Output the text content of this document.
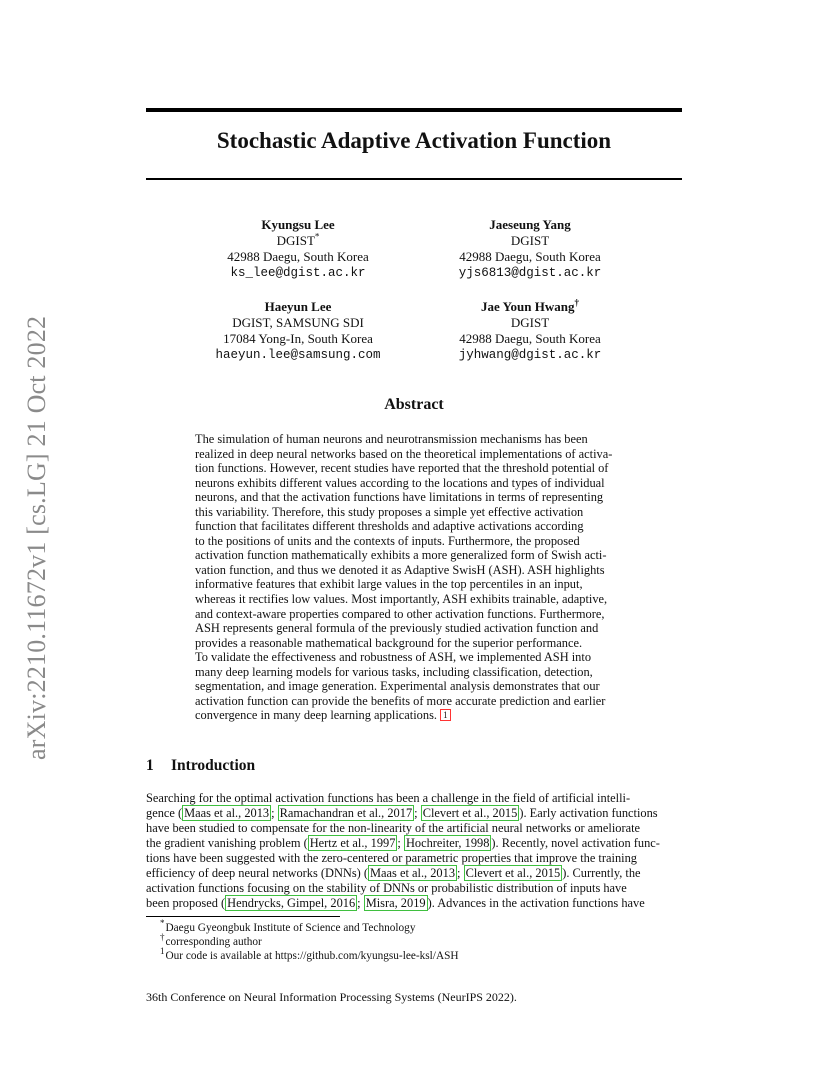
arXiv:2210.11672v1 [cs.LG] 21 Oct 2022
Stochastic Adaptive Activation Function
Kyungsu Lee
DGIST*
42988 Daegu, South Korea
ks_lee@dgist.ac.kr
Jaeseung Yang
DGIST
42988 Daegu, South Korea
yjs6813@dgist.ac.kr
Haeyun Lee
DGIST, SAMSUNG SDI
17084 Yong-In, South Korea
haeyun.lee@samsung.com
Jae Youn Hwang†
DGIST
42988 Daegu, South Korea
jyhwang@dgist.ac.kr
Abstract
The simulation of human neurons and neurotransmission mechanisms has been
realized in deep neural networks based on the theoretical implementations of activa-
tion functions. However, recent studies have reported that the threshold potential of
neurons exhibits different values according to the locations and types of individual
neurons, and that the activation functions have limitations in terms of representing
this variability. Therefore, this study proposes a simple yet effective activation
function that facilitates different thresholds and adaptive activations according
to the positions of units and the contexts of inputs. Furthermore, the proposed
activation function mathematically exhibits a more generalized form of Swish acti-
vation function, and thus we denoted it as Adaptive SwisH (ASH). ASH highlights
informative features that exhibit large values in the top percentiles in an input,
whereas it rectifies low values. Most importantly, ASH exhibits trainable, adaptive,
and context-aware properties compared to other activation functions. Furthermore,
ASH represents general formula of the previously studied activation function and
provides a reasonable mathematical background for the superior performance.
To validate the effectiveness and robustness of ASH, we implemented ASH into
many deep learning models for various tasks, including classification, detection,
segmentation, and image generation. Experimental analysis demonstrates that our
activation function can provide the benefits of more accurate prediction and earlier
convergence in many deep learning applications. $^1$
1 Introduction
Searching for the optimal activation functions has been a challenge in the field of artificial intelli-
gence ( Maas et al., 2013 ; Ramachandran et al., 2017 ; Clevert et al., 2015 ). Early activation functions
have been studied to compensate for the non-linearity of the artificial neural networks or ameliorate
the gradient vanishing problem ( Hertz et al., 1997 ; Hochreiter, 1998 ). Recently, novel activation func-
tions have been suggested with the zero-centered or parametric properties that improve the training
efficiency of deep neural networks (DNNs) ( Maas et al., 2013 ; Clevert et al., 2015 ). Currently, the
activation functions focusing on the stability of DNNs or probabilistic distribution of inputs have
been proposed ( Hendrycks, Gimpel, 2016 ; Misra, 2019 ). Advances in the activation functions have
*Daegu Gyeongbuk Institute of Science and Technology
†corresponding author
$^1$Our code is available at https://github.com/kyungsu-lee-ksl/ASH
36th Conference on Neural Information Processing Systems (NeurIPS 2022).
